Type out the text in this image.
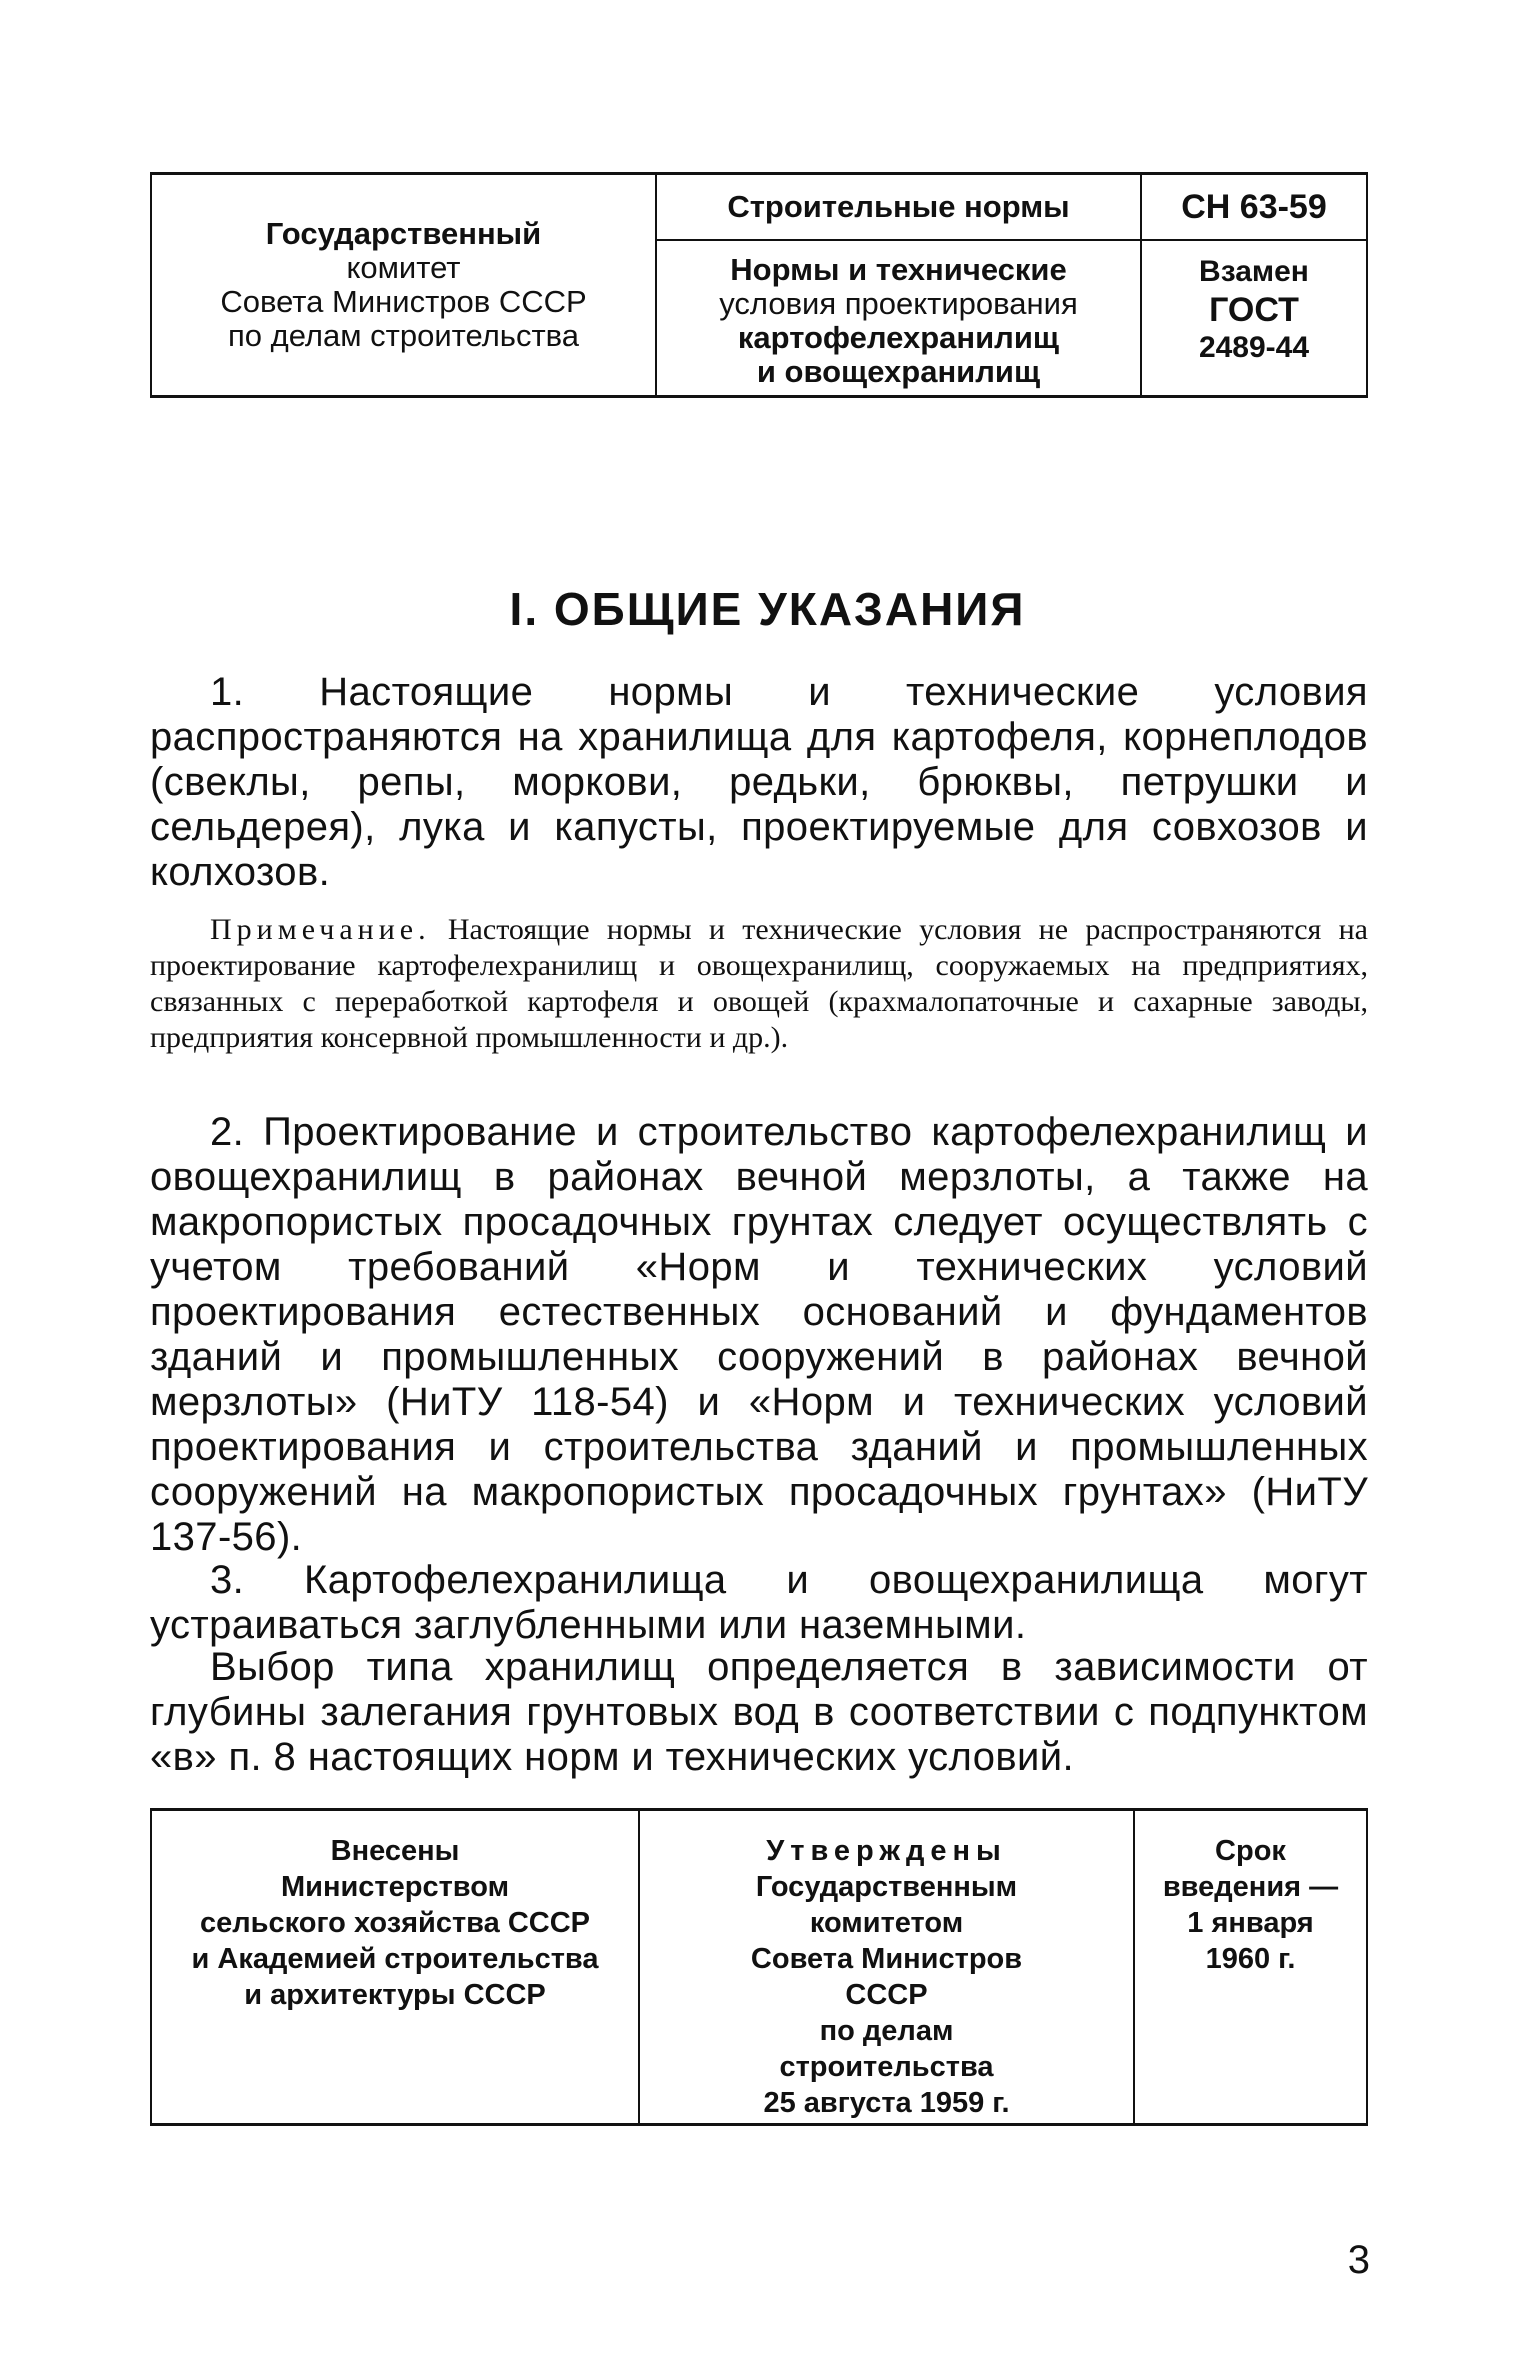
Государственный
комитет
Совета Министров СССР
по делам строительства
Строительные нормы
Нормы и технические
условия проектирования
картофелехранилищ
и овощехранилищ
СН 63-59
Взамен
ГОСТ
2489-44
I. ОБЩИЕ УКАЗАНИЯ

1. Настоящие нормы и технические условия распространяются на хранилища для картофеля, корнеплодов (свеклы, репы, моркови, редьки, брюквы, петрушки и сельдерея), лука и капусты, проектируемые для совхозов и колхозов.

Примечание. Настоящие нормы и технические условия не распространяются на проектирование картофелехранилищ и овощехранилищ, сооружаемых на предприятиях, связанных с переработкой картофеля и овощей (крахмалопаточные и сахарные заводы, предприятия консервной промышленности и др.).

2. Проектирование и строительство картофелехранилищ и овощехранилищ в районах вечной мерзлоты, а также на макропористых просадочных грунтах следует осуществлять с учетом требований «Норм и технических условий проектирования естественных оснований и фундаментов зданий и промышленных сооружений в районах вечной мерзлоты» (НиТУ 118-54) и «Норм и технических условий проектирования и строительства зданий и промышленных сооружений на макропористых просадочных грунтах» (НиТУ 137-56).

3. Картофелехранилища и овощехранилища могут устраиваться заглубленными или наземными.

Выбор типа хранилищ определяется в зависимости от глубины залегания грунтовых вод в соответствии с подпунктом «в» п. 8 настоящих норм и технических условий.

Внесены
Министерством
сельского хозяйства СССР
и Академией строительства
и архитектуры СССР
Утверждены
Государственным
комитетом
Совета Министров
СССР
по делам
строительства
25 августа 1959 г.
Срок
введения —
1 января
1960 г.
3
